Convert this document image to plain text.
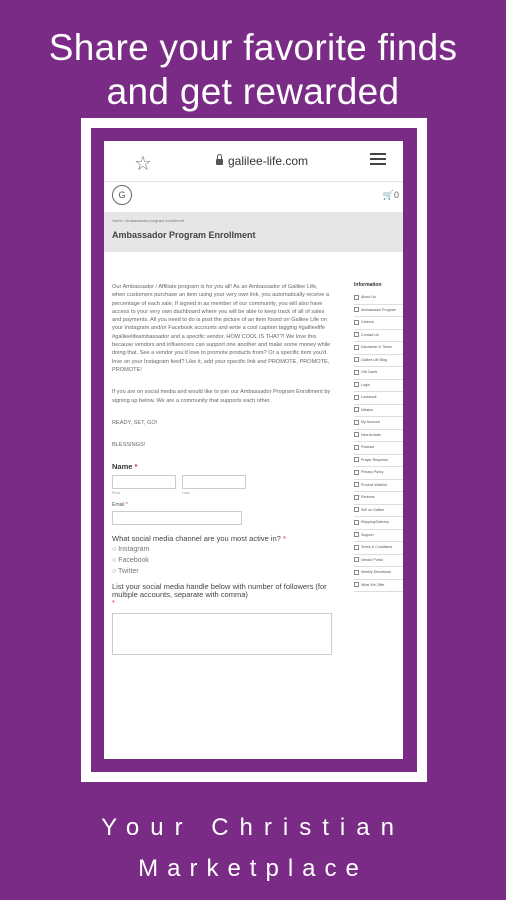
Share your favorite finds
and get rewarded
☆	galilee-life.com
G	🛒0
Home / Ambassador program enrollment
Ambassador Program Enrollment

Our Ambassador / Affiliate program is for you all! As an Ambassador of Galilee Life, when customers purchase an item using your very own link, you automatically receive a percentage of each sale. If signed in as member of our community, you will also have access to your very own dashboard where you will be able to keep track of all of sales and payments. All you need to do is post the picture of an item found on Galilee Life on your Instagram and/or Facebook accounts and write a cool caption tagging #galileelife #galileelifeambassador and a specific vendor. HOW COOL IS THAT?! We love this because vendors and influencers can support one another and make some money while doing that. See a vendor you'd love to promote products from? Or a specific item you'd love on your Instagram feed? Like it, add your specific link and PROMOTE, PROMOTE, PROMOTE!

If you are on social media and would like to join our Ambassador Program Enrollment by signing up below. We are a community that supports each other.

READY, SET, GO!

BLESSINGS!

Name *
First	Last
Email *
What social media channel are you most active in? *
○ Instagram
○ Facebook
○ Twitter
List your social media handle below with number of followers (for multiple accounts, separate with comma)
*
Information
About Us
Ambassador Program
Careers
Contact Us
Disclaimer & Terms
Galilee Life Blog
Gift Cards
Login
Lookbook
Mission
My Account
New Arrivals
Podcast
Prayer Requests
Privacy Policy
Product Wishlist
Reviews
Sell on Galilee
Shipping/Delivery
Support
Terms & Conditions
Vendor Portal
Weekly Devotional
What We Offer
Your Christian
Marketplace
